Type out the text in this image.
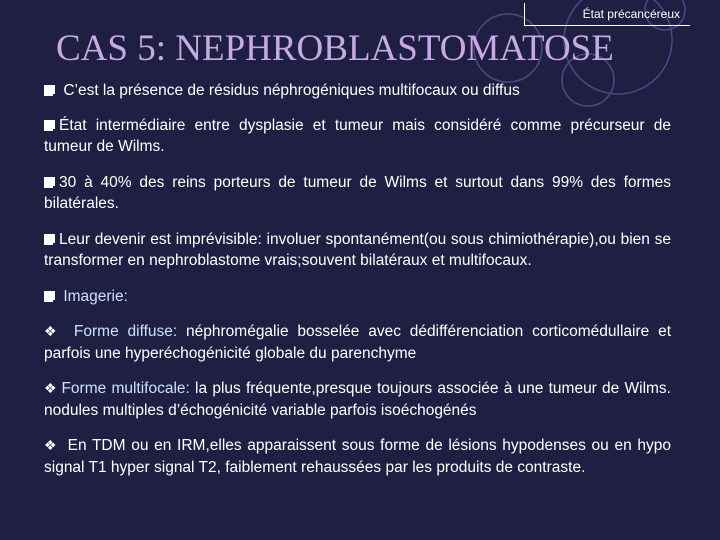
État précancéreux
CAS 5: NEPHROBLASTOMATOSE

C’est la présence de résidus néphrogéniques multifocaux ou diffus

État intermédiaire entre dysplasie et tumeur mais considéré comme précurseur de tumeur de Wilms.

30 à 40% des reins porteurs de tumeur de Wilms et surtout dans 99% des formes bilatérales.

Leur devenir est imprévisible: involuer spontanément(ou sous chimiothérapie),ou bien se transformer en nephroblastome vrais;souvent bilatéraux et multifocaux.

Imagerie:

❖ Forme diffuse: néphromégalie bosselée avec dédifférenciation corticomédullaire et parfois une hyperéchogénicité globale du parenchyme

❖ Forme multifocale: la plus fréquente,presque toujours associée à une tumeur de Wilms. nodules multiples d’échogénicité variable parfois isoéchogénés

❖ En TDM ou en IRM,elles apparaissent sous forme de lésions hypodenses ou en hypo signal T1 hyper signal T2, faiblement rehaussées par les produits de contraste.
